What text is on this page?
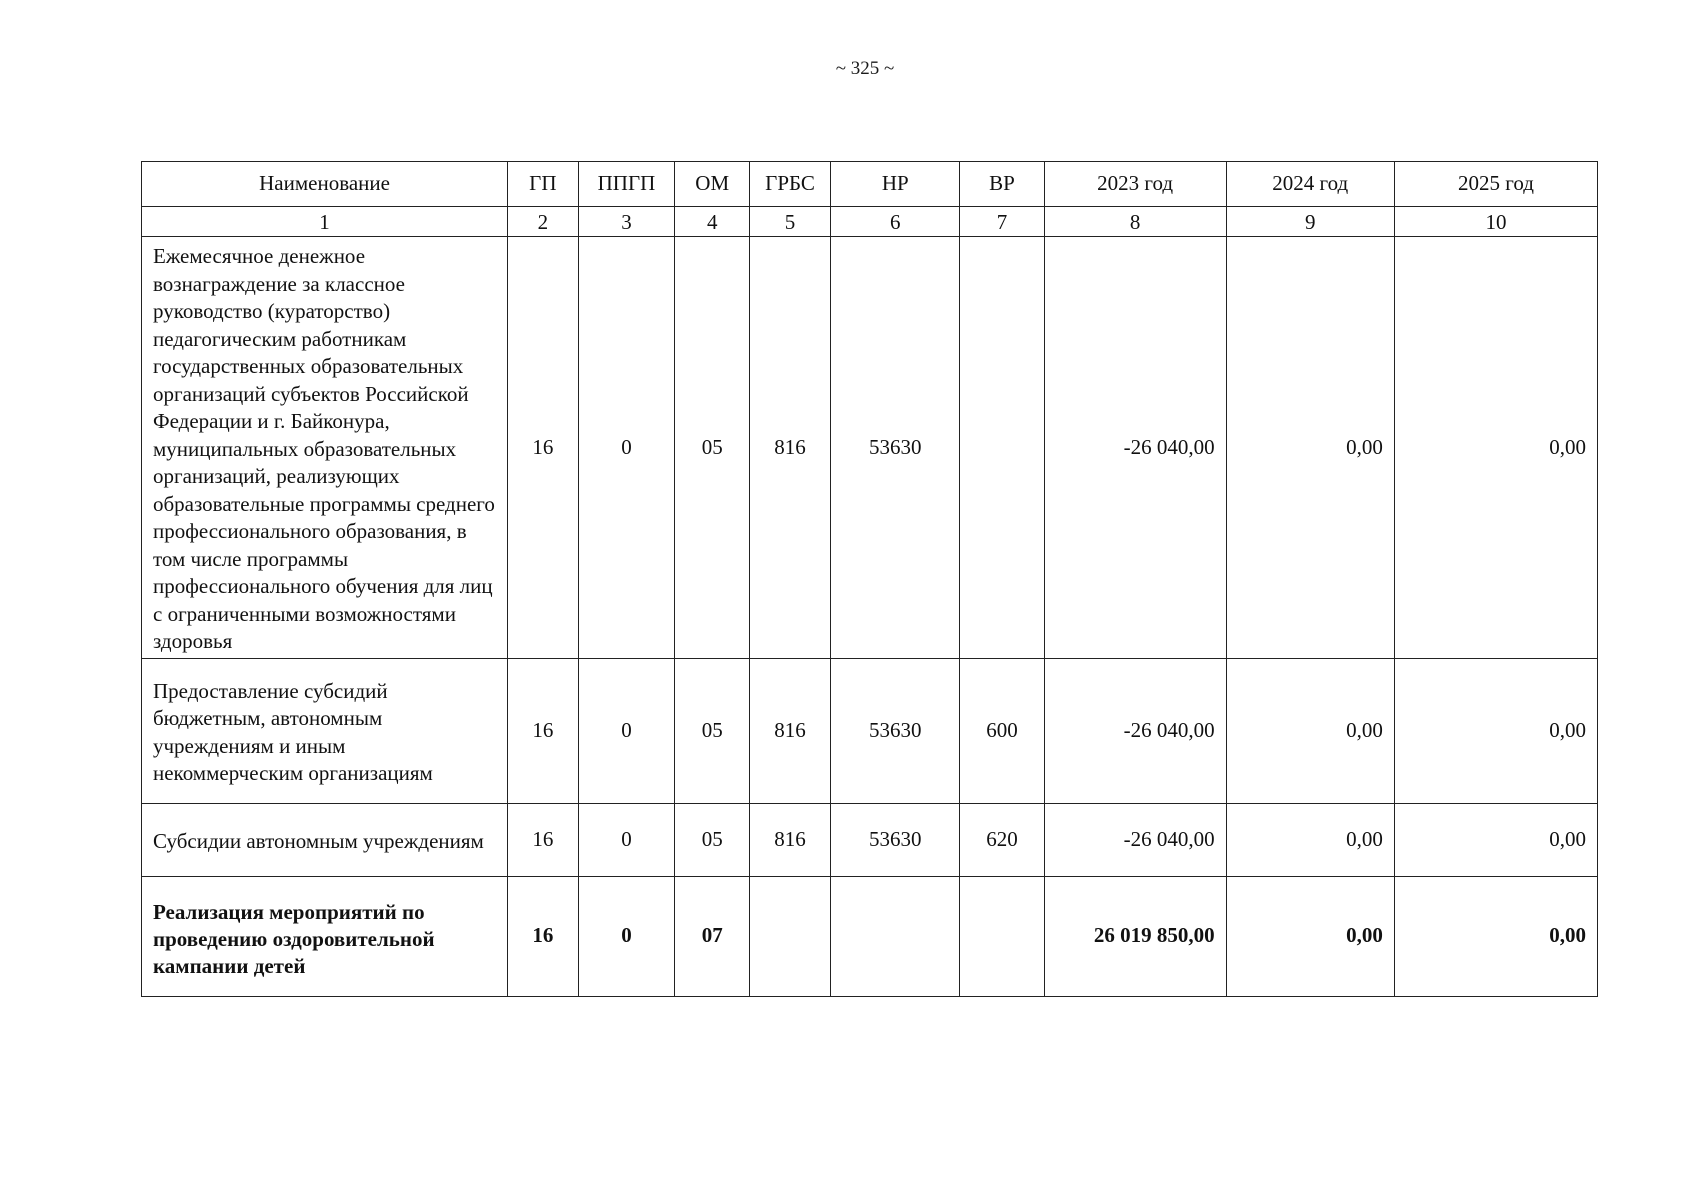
~ 325 ~
Наименование	ГП	ППГП	ОМ	ГРБС	НР	ВР	2023 год	2024 год	2025 год
1	2	3	4	5	6	7	8	9	10
Ежемесячное денежное вознаграждение за классное руководство (кураторство) педагогическим работникам государственных образовательных организаций субъектов Российской Федерации и г. Байконура, муниципальных образовательных организаций, реализующих образовательные программы среднего профессионального образования, в том числе программы профессионального обучения для лиц с ограниченными возможностями здоровья	16	0	05	816	53630		-26 040,00	0,00	0,00
Предоставление субсидий бюджетным, автономным учреждениям и иным некоммерческим организациям	16	0	05	816	53630	600	-26 040,00	0,00	0,00
Субсидии автономным учреждениям	16	0	05	816	53630	620	-26 040,00	0,00	0,00
Реализация мероприятий по проведению оздоровительной кампании детей	16	0	07				26 019 850,00	0,00	0,00
